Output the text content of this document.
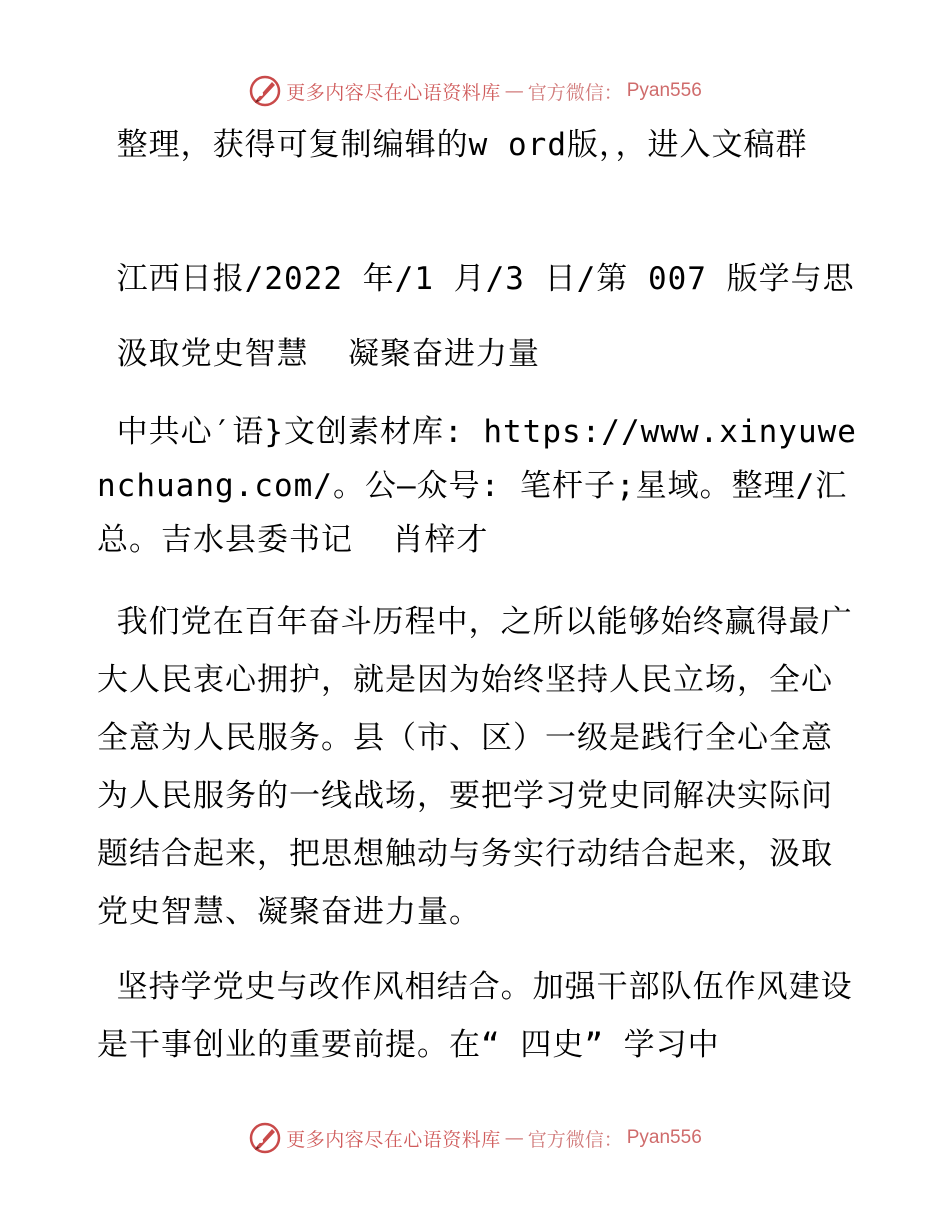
更多内容尽在心语资料库 — 官方微信： Pyan556
整理，获得可复制编辑的w ord版，，进入文稿群
江西日报/2022 年/1 月/3 日/第 007 版学与思
汲取党史智慧  凝聚奋进力量
中共心′语}文创素材库: https://www.xinyuwenchuang.com/。公—众号: 笔杆子;星域。整理/汇总。吉水县委书记  肖梓才
我们党在百年奋斗历程中，之所以能够始终赢得最广大人民衷心拥护，就是因为始终坚持人民立场，全心全意为人民服务。县（市、区）一级是践行全心全意为人民服务的一线战场，要把学习党史同解决实际问题结合起来，把思想触动与务实行动结合起来，汲取党史智慧、凝聚奋进力量。
坚持学党史与改作风相结合。加强干部队伍作风建设是干事创业的重要前提。在“ 四史” 学习中
更多内容尽在心语资料库 — 官方微信： Pyan556
